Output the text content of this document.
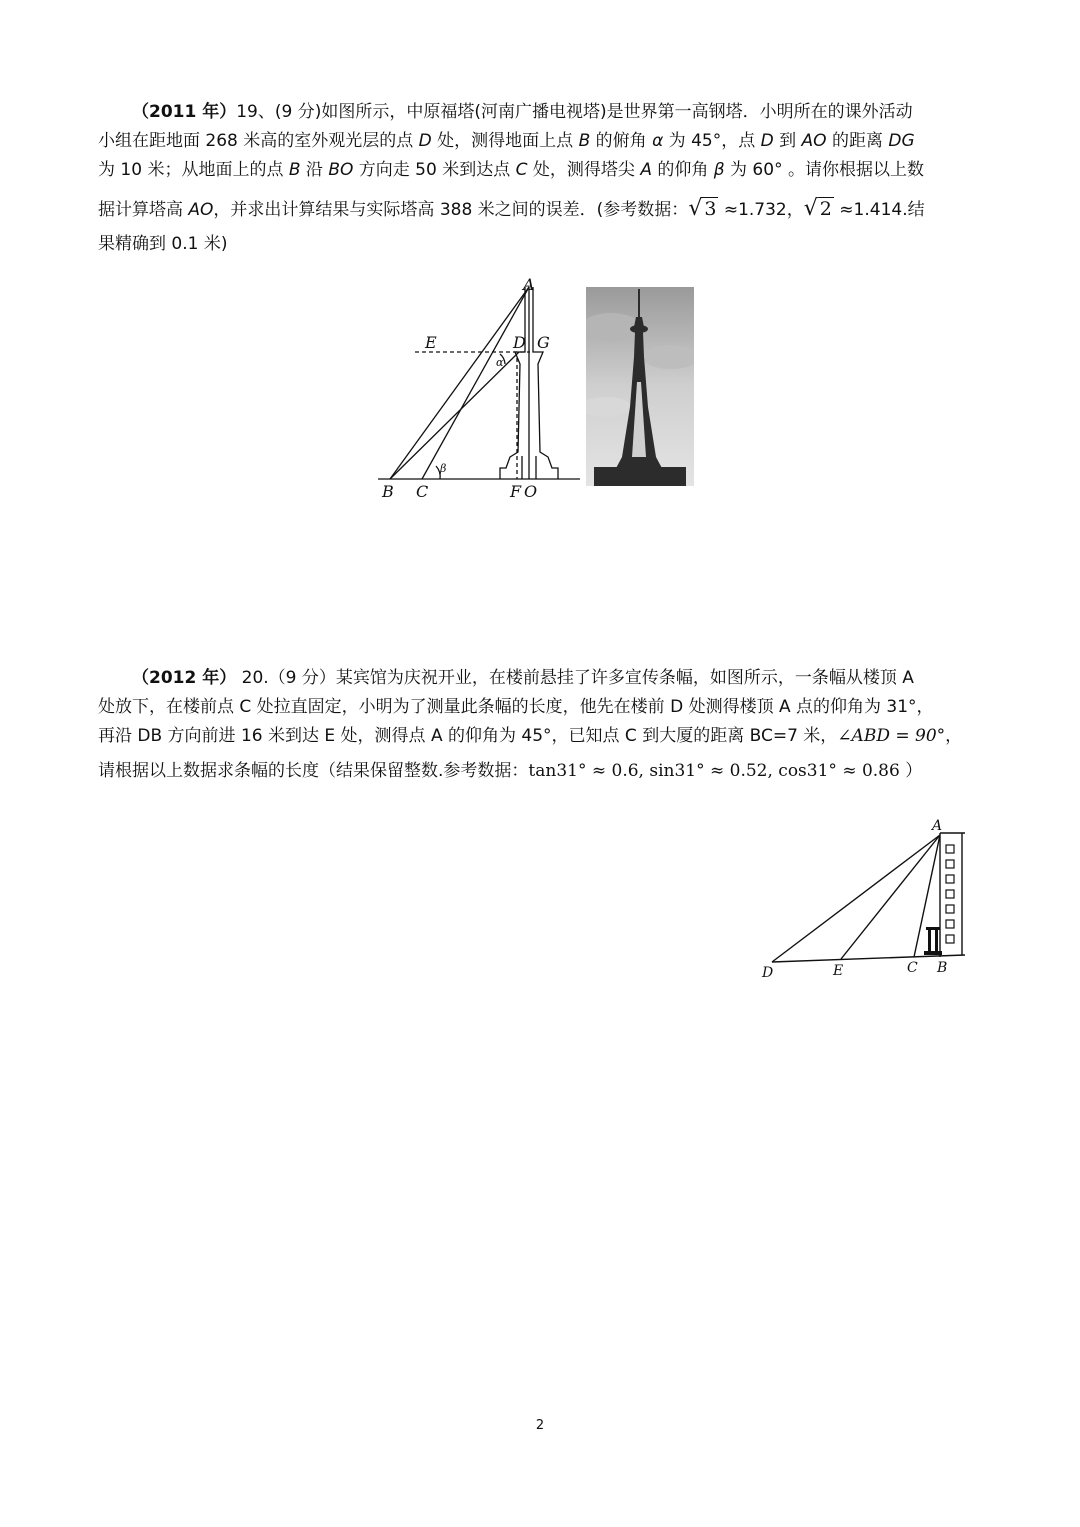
（2011 年）19、(9 分)如图所示，中原福塔(河南广播电视塔)是世界第一高钢塔．小明所在的课外活动

小组在距地面 268 米高的室外观光层的点 D 处，测得地面上点 B 的俯角 α 为 45°，点 D 到 AO 的距离 DG

为 10 米；从地面上的点 B 沿 BO 方向走 50 米到达点 C 处，测得塔尖 A 的仰角 β 为 60° 。请你根据以上数

据计算塔高 AO，并求出计算结果与实际塔高 388 米之间的误差．(参考数据：√ 3 ≈1.732，√ 2 ≈1.414.结

果精确到 0.1 米)

A
E	D G
α
β
B C	F O

（2012 年） 20.（9 分）某宾馆为庆祝开业，在楼前悬挂了许多宣传条幅，如图所示，一条幅从楼顶 A

处放下，在楼前点 C 处拉直固定，小明为了测量此条幅的长度，他先在楼前 D 处测得楼顶 A 点的仰角为 31°，

再沿 DB 方向前进 16 米到达 E 处，测得点 A 的仰角为 45°，已知点 C 到大厦的距离 BC=7 米，∠ABD = 90°，

请根据以上数据求条幅的长度（结果保留整数.参考数据：tan31° ≈ 0.6, sin31° ≈ 0.52, cos31° ≈ 0.86 ）

A
D	E	C B
2
